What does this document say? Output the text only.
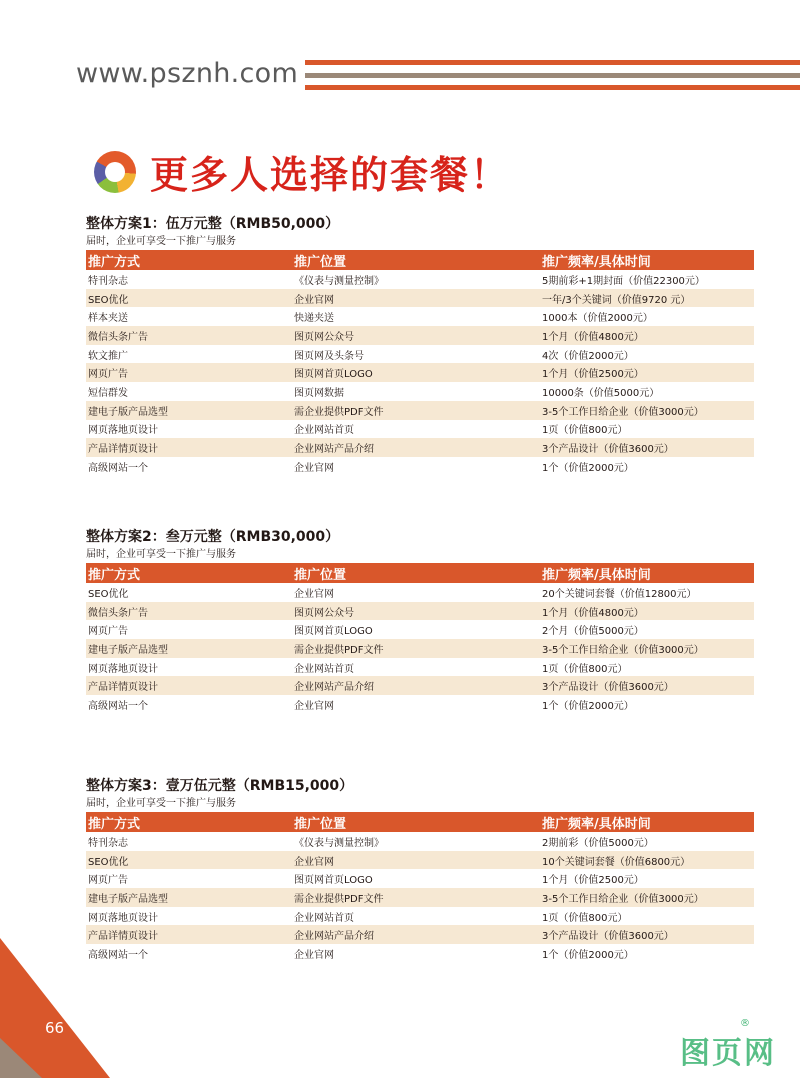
www.psznh.com
更多人选择的套餐！
整体方案1：伍万元整（RMB50,000）
届时，企业可享受一下推广与服务
推广方式	推广位置	推广频率/具体时间
特刊杂志	《仪表与测量控制》	5期前彩+1期封面（价值22300元）
SEO优化	企业官网	一年/3个关键词（价值9720 元）
样本夹送	快递夹送	1000本（价值2000元）
微信头条广告	图页网公众号	1个月（价值4800元）
软文推广	图页网及头条号	4次（价值2000元）
网页广告	图页网首页LOGO	1个月（价值2500元）
短信群发	图页网数据	10000条（价值5000元）
建电子版产品选型	需企业提供PDF文件	3-5个工作日给企业（价值3000元）
网页落地页设计	企业网站首页	1页（价值800元）
产品详情页设计	企业网站产品介绍	3个产品设计（价值3600元）
高级网站一个	企业官网	1个（价值2000元）
整体方案2：叁万元整（RMB30,000）
届时，企业可享受一下推广与服务
推广方式	推广位置	推广频率/具体时间
SEO优化	企业官网	20个关键词套餐（价值12800元）
微信头条广告	图页网公众号	1个月（价值4800元）
网页广告	图页网首页LOGO	2个月（价值5000元）
建电子版产品选型	需企业提供PDF文件	3-5个工作日给企业（价值3000元）
网页落地页设计	企业网站首页	1页（价值800元）
产品详情页设计	企业网站产品介绍	3个产品设计（价值3600元）
高级网站一个	企业官网	1个（价值2000元）
整体方案3：壹万伍元整（RMB15,000）
届时，企业可享受一下推广与服务
推广方式	推广位置	推广频率/具体时间
特刊杂志	《仪表与测量控制》	2期前彩（价值5000元）
SEO优化	企业官网	10个关键词套餐（价值6800元）
网页广告	图页网首页LOGO	1个月（价值2500元）
建电子版产品选型	需企业提供PDF文件	3-5个工作日给企业（价值3000元）
网页落地页设计	企业网站首页	1页（价值800元）
产品详情页设计	企业网站产品介绍	3个产品设计（价值3600元）
高级网站一个	企业官网	1个（价值2000元）
66
图页网
®
